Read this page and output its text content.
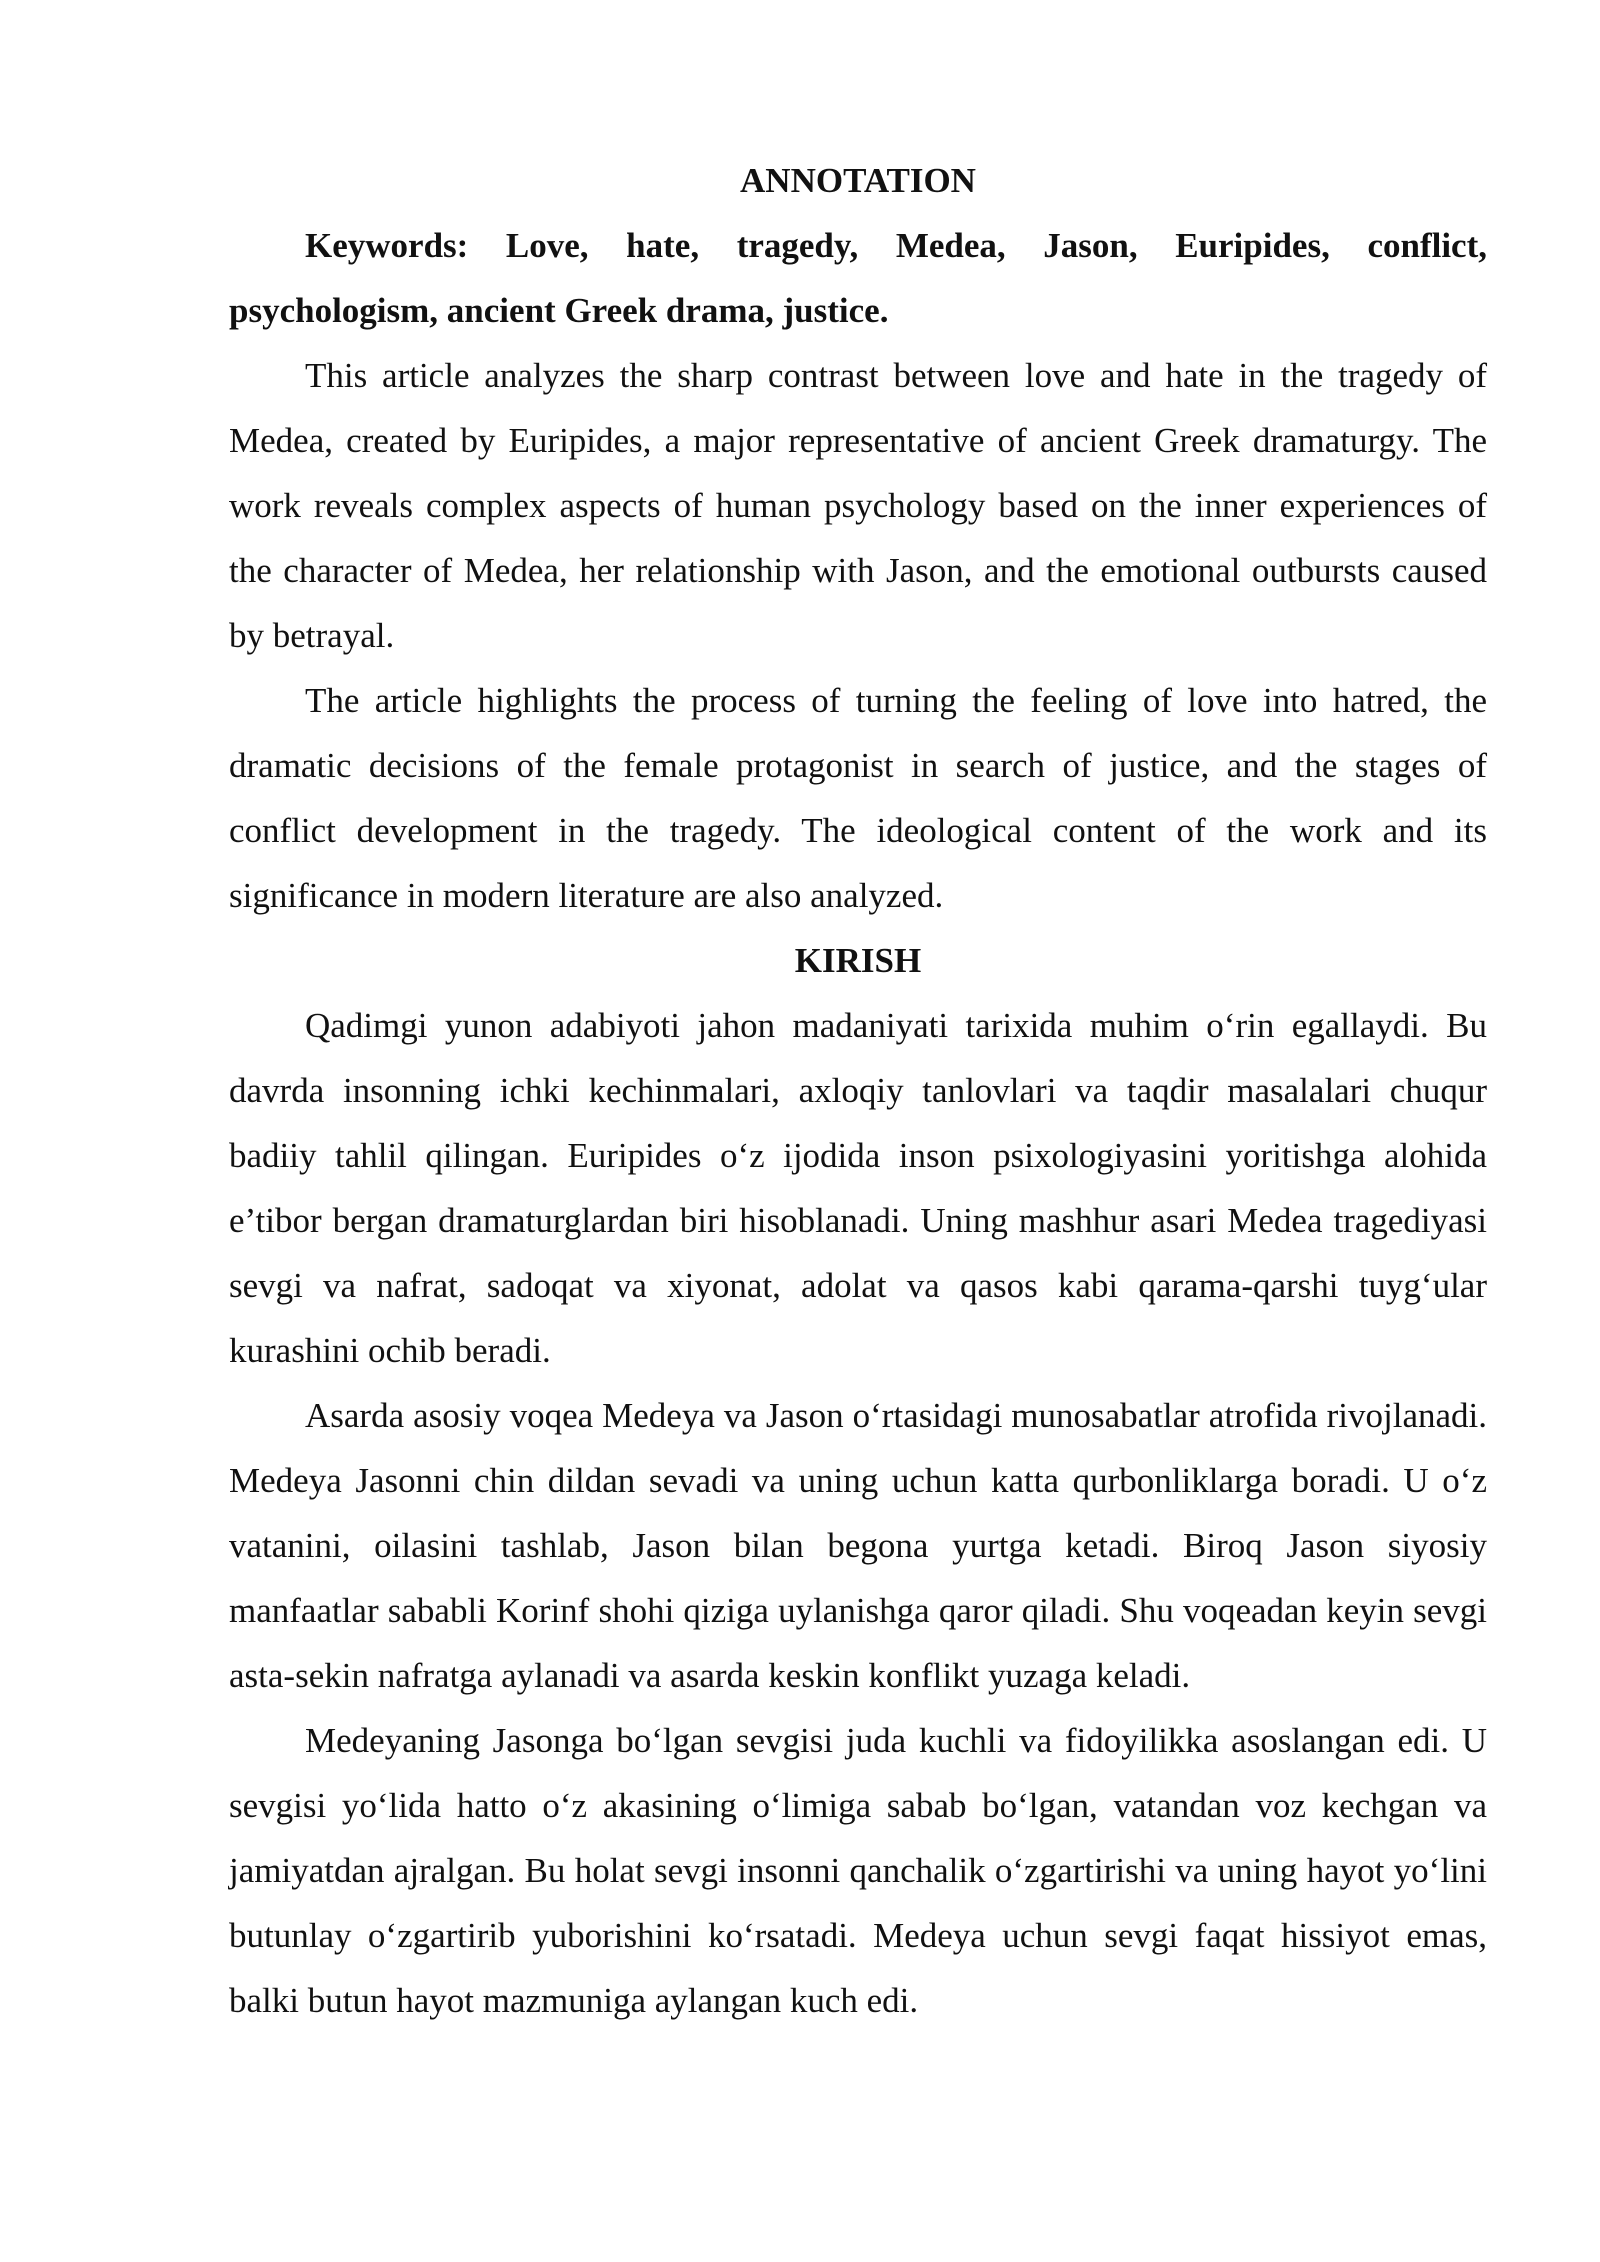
ANNOTATION

Keywords: Love, hate, tragedy, Medea, Jason, Euripides, conflict, psychologism, ancient Greek drama, justice.

This article analyzes the sharp contrast between love and hate in the tragedy of Medea, created by Euripides, a major representative of ancient Greek dramaturgy. The work reveals complex aspects of human psychology based on the inner experiences of the character of Medea, her relationship with Jason, and the emotional outbursts caused by betrayal.

The article highlights the process of turning the feeling of love into hatred, the dramatic decisions of the female protagonist in search of justice, and the stages of conflict development in the tragedy. The ideological content of the work and its significance in modern literature are also analyzed.

KIRISH

Qadimgi yunon adabiyoti jahon madaniyati tarixida muhim o‘rin egallaydi. Bu davrda insonning ichki kechinmalari, axloqiy tanlovlari va taqdir masalalari chuqur badiiy tahlil qilingan. Euripides o‘z ijodida inson psixologiyasini yoritishga alohida e’tibor bergan dramaturglardan biri hisoblanadi. Uning mashhur asari Medea tragediyasi sevgi va nafrat, sadoqat va xiyonat, adolat va qasos kabi qarama-qarshi tuyg‘ular kurashini ochib beradi.

Asarda asosiy voqea Medeya va Jason o‘rtasidagi munosabatlar atrofida rivojlanadi. Medeya Jasonni chin dildan sevadi va uning uchun katta qurbonliklarga boradi. U o‘z vatanini, oilasini tashlab, Jason bilan begona yurtga ketadi. Biroq Jason siyosiy manfaatlar sababli Korinf shohi qiziga uylanishga qaror qiladi. Shu voqeadan keyin sevgi asta-sekin nafratga aylanadi va asarda keskin konflikt yuzaga keladi.

Medeyaning Jasonga bo‘lgan sevgisi juda kuchli va fidoyilikka asoslangan edi. U sevgisi yo‘lida hatto o‘z akasining o‘limiga sabab bo‘lgan, vatandan voz kechgan va jamiyatdan ajralgan. Bu holat sevgi insonni qanchalik o‘zgartirishi va uning hayot yo‘lini butunlay o‘zgartirib yuborishini ko‘rsatadi. Medeya uchun sevgi faqat hissiyot emas, balki butun hayot mazmuniga aylangan kuch edi.
